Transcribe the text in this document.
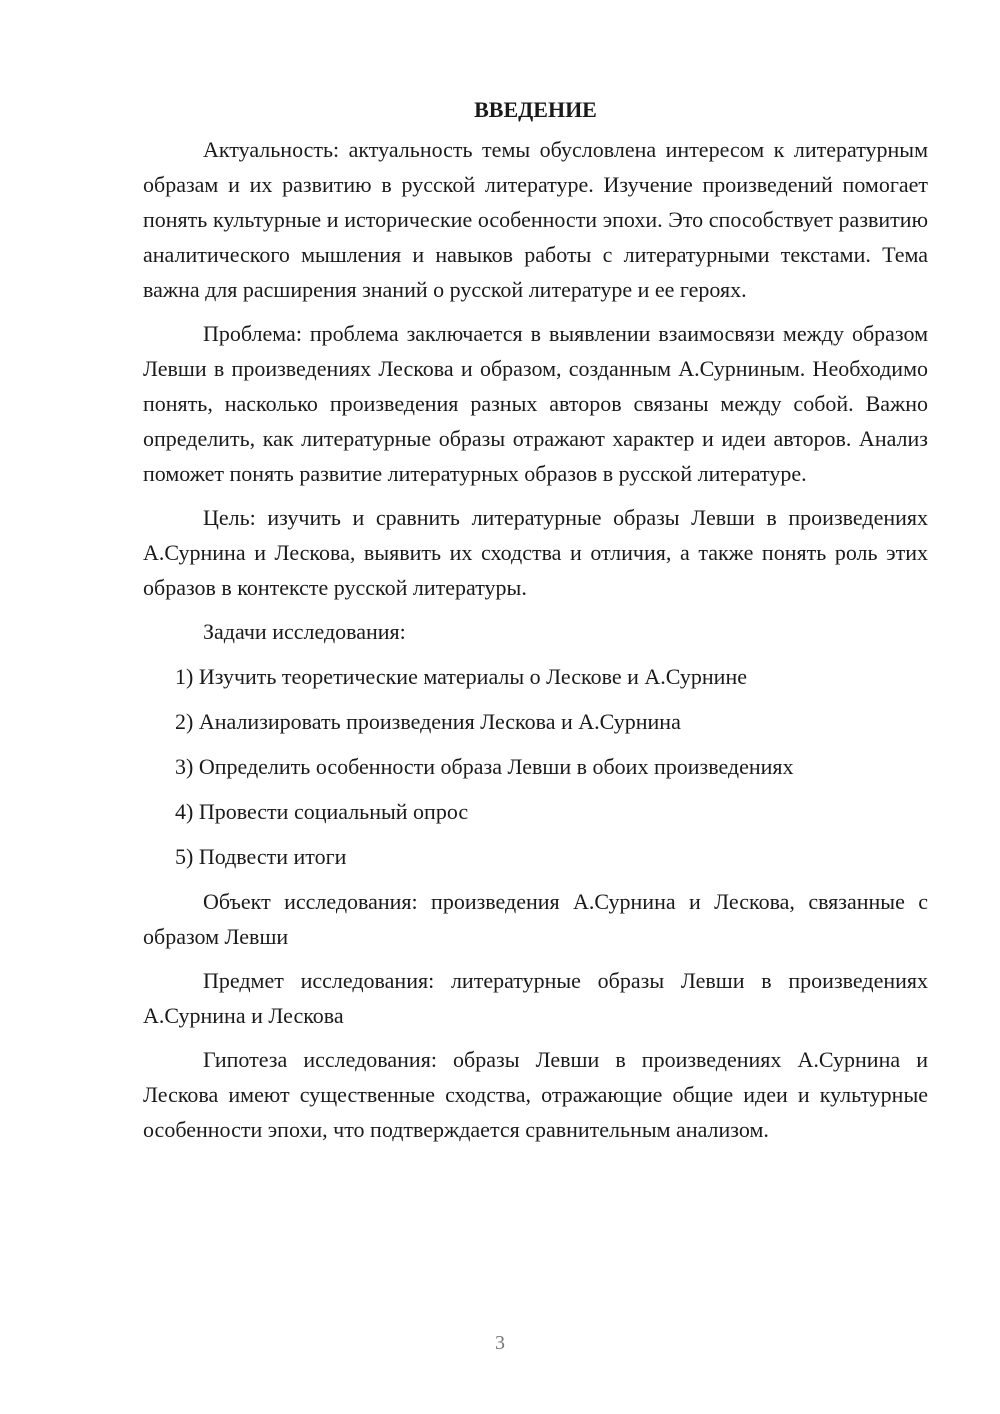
ВВЕДЕНИЕ

Актуальность: актуальность темы обусловлена интересом к литературным образам и их развитию в русской литературе. Изучение произведений помогает понять культурные и исторические особенности эпохи. Это способствует развитию аналитического мышления и навыков работы с литературными текстами. Тема важна для расширения знаний о русской литературе и ее героях.

Проблема: проблема заключается в выявлении взаимосвязи между образом Левши в произведениях Лескова и образом, созданным А.Сурниным. Необходимо понять, насколько произведения разных авторов связаны между собой. Важно определить, как литературные образы отражают характер и идеи авторов. Анализ поможет понять развитие литературных образов в русской литературе.

Цель: изучить и сравнить литературные образы Левши в произведениях А.Сурнина и Лескова, выявить их сходства и отличия, а также понять роль этих образов в контексте русской литературы.

Задачи исследования:

1) Изучить теоретические материалы о Лескове и А.Сурнине
2) Анализировать произведения Лескова и А.Сурнина
3) Определить особенности образа Левши в обоих произведениях
4) Провести социальный опрос
5) Подвести итоги

Объект исследования: произведения А.Сурнина и Лескова, связанные с образом Левши

Предмет исследования: литературные образы Левши в произведениях А.Сурнина и Лескова

Гипотеза исследования: образы Левши в произведениях А.Сурнина и Лескова имеют существенные сходства, отражающие общие идеи и культурные особенности эпохи, что подтверждается сравнительным анализом.

3
